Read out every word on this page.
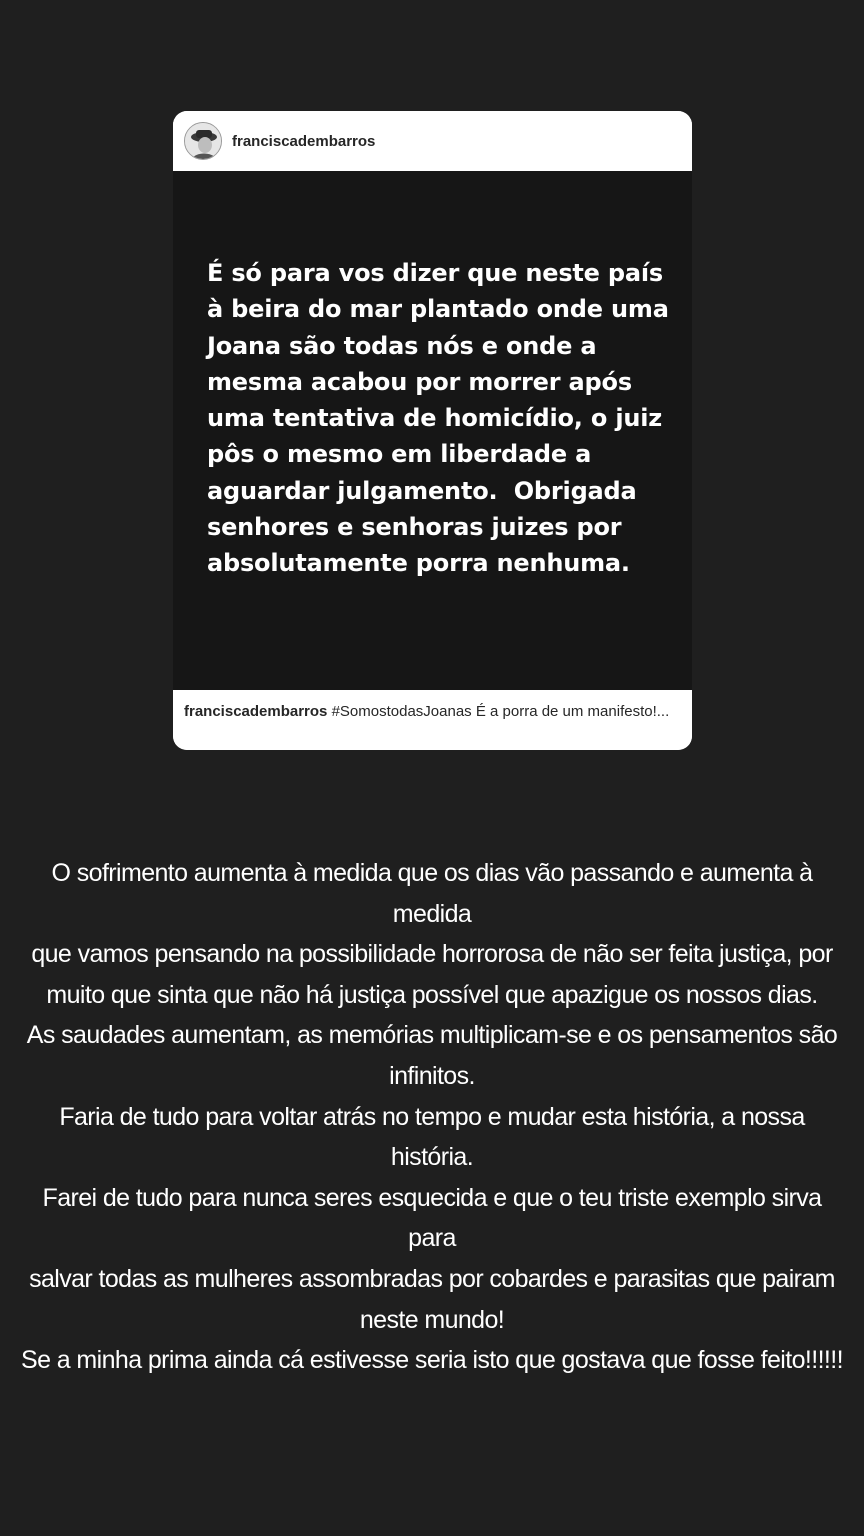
franciscadembarros

É só para vos dizer que neste país
à beira do mar plantado onde uma
Joana são todas nós e onde a
mesma acabou por morrer após
uma tentativa de homicídio, o juiz
pôs o mesmo em liberdade a
aguardar julgamento.  Obrigada
senhores e senhoras juizes por
absolutamente porra nenhuma.

franciscadembarros #SomostodasJoanas É a porra de um manifesto!...

O sofrimento aumenta à medida que os dias vão passando e aumenta à medida
que vamos pensando na possibilidade horrorosa de não ser feita justiça, por
muito que sinta que não há justiça possível que apazigue os nossos dias.
As saudades aumentam, as memórias multiplicam-se e os pensamentos são
infinitos.
Faria de tudo para voltar atrás no tempo e mudar esta história, a nossa história.
Farei de tudo para nunca seres esquecida e que o teu triste exemplo sirva para
salvar todas as mulheres assombradas por cobardes e parasitas que pairam
neste mundo!
Se a minha prima ainda cá estivesse seria isto que gostava que fosse feito!!!!!!
